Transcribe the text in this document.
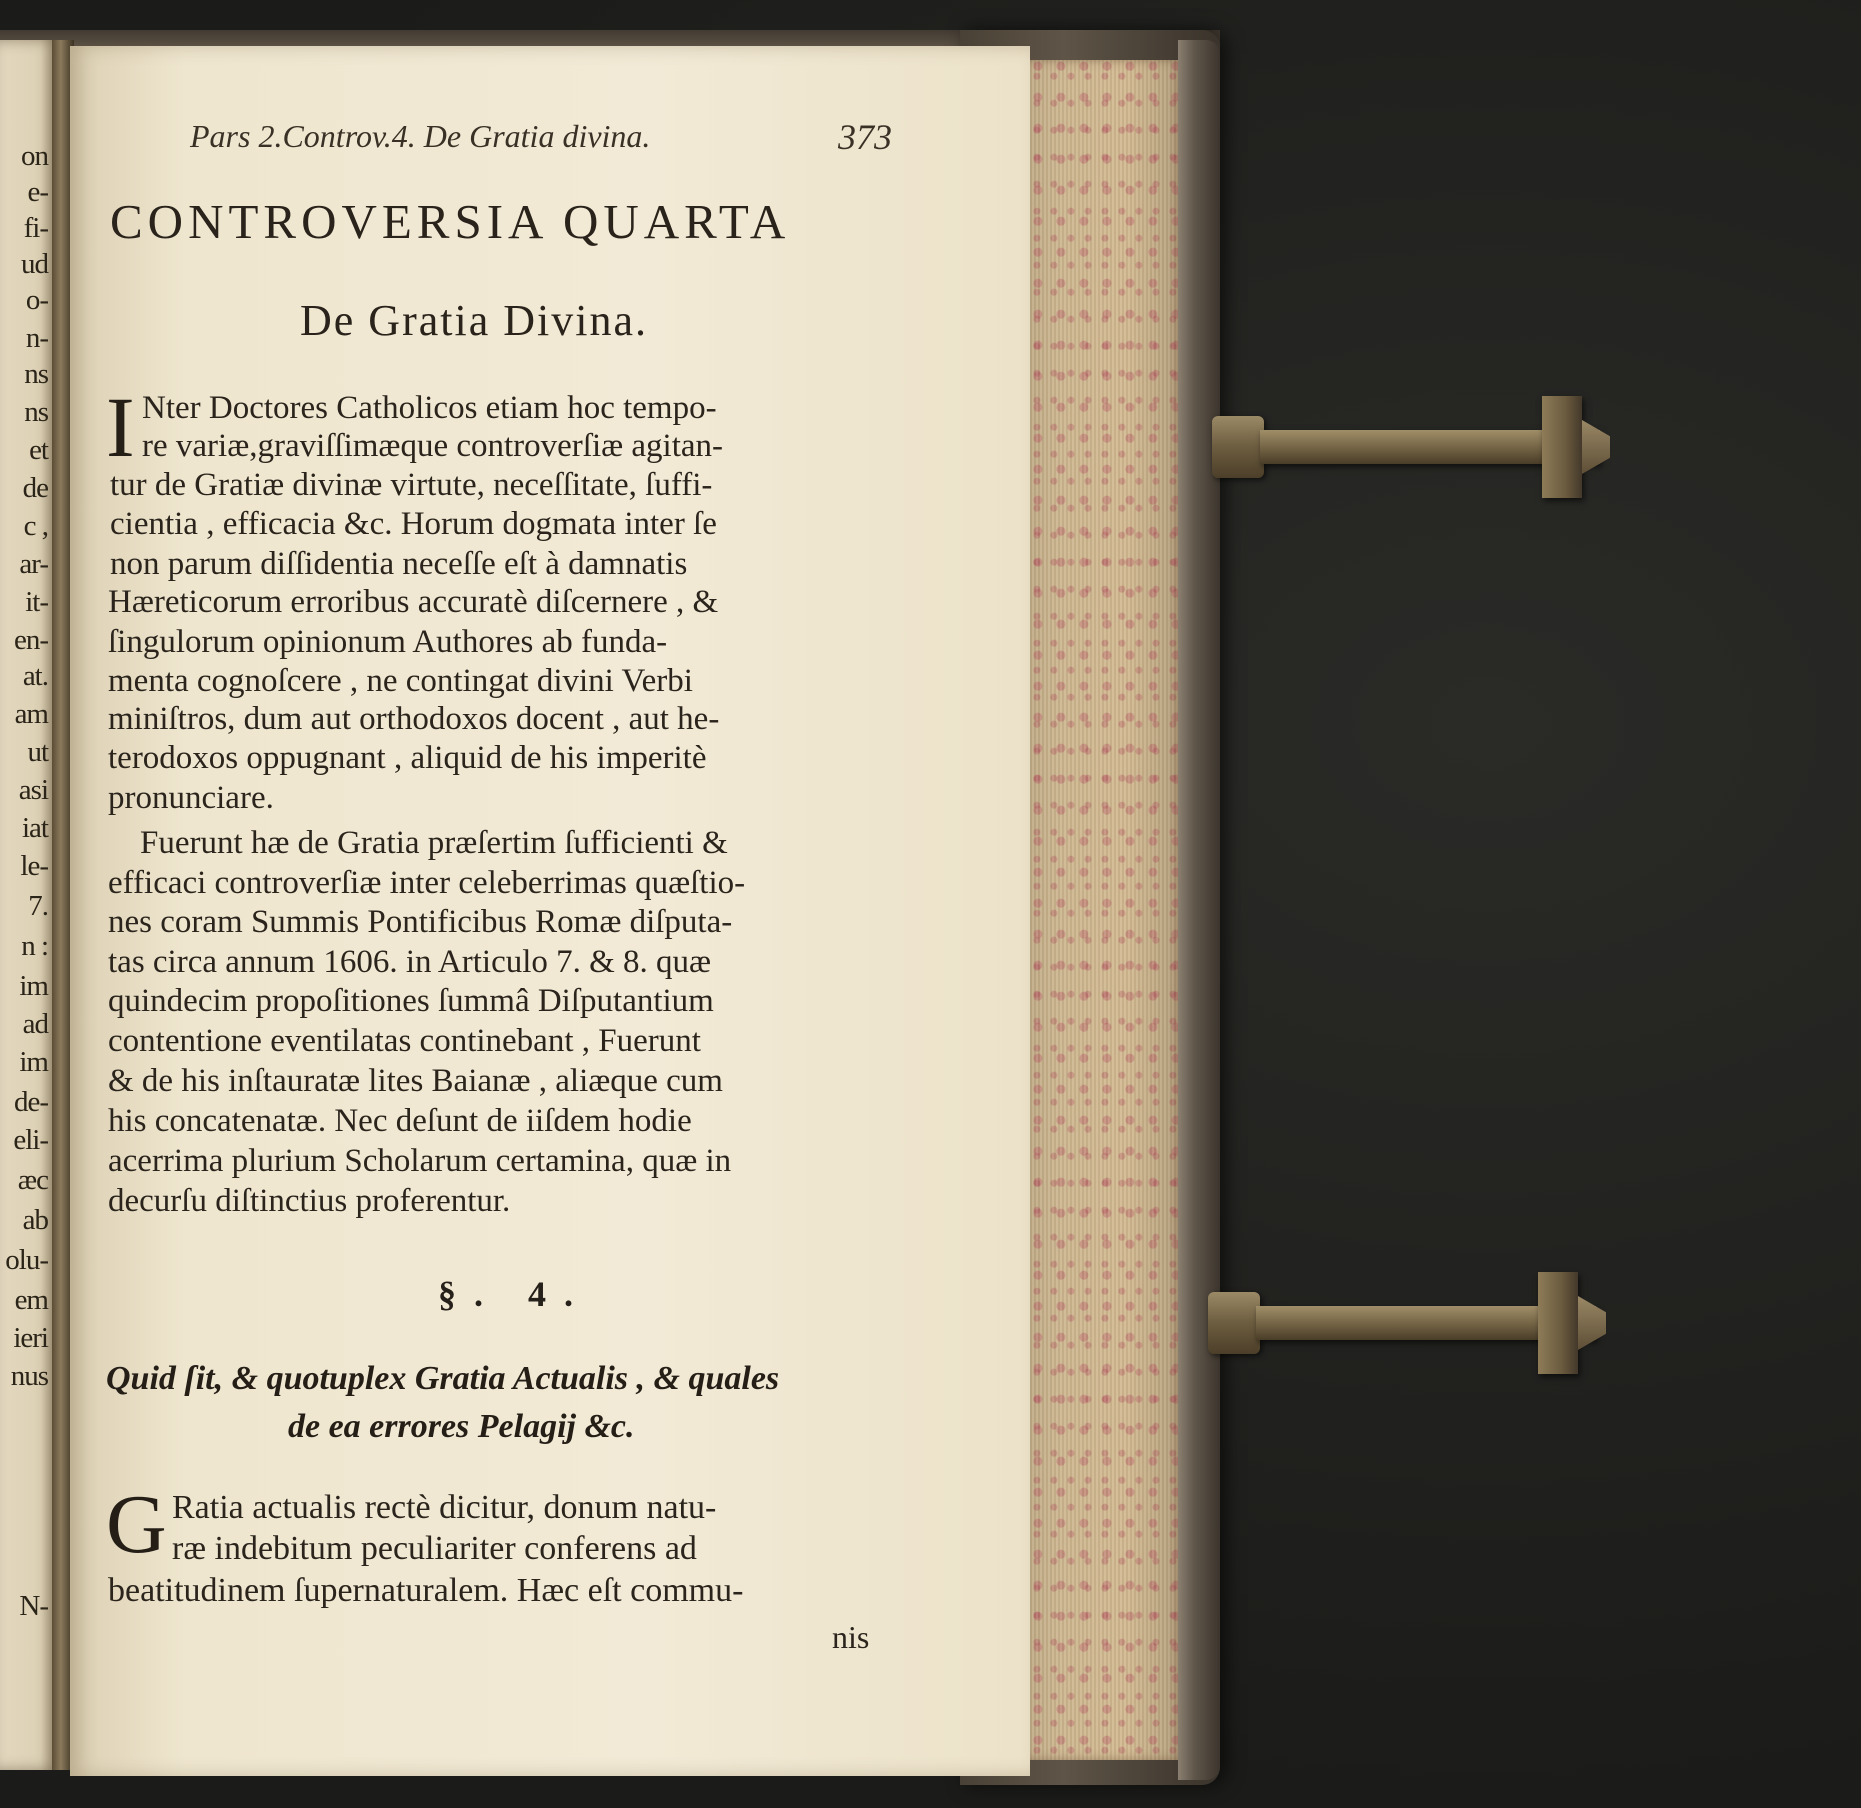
on
e-
fi-
ud
o-
n-
ns
ns
et
de
c ,
ar-
it-
en-
at.
am
ut
asi
iat
le-
7.
n :
im
ad
im
de-
eli-
æc
ab
olu-
em
ieri
nus
N-
Pars 2.Controv.4. De Gratia divina.	373
CONTROVERSIA QUARTA
De Gratia Divina.
I Nter Doctores Catholicos etiam hoc tempo-
re variæ,graviſſimæque controverſiæ agitan-
tur de Gratiæ divinæ virtute, neceſſitate, ſuffi-
cientia , efficacia &c. Horum dogmata inter ſe
non parum diſſidentia neceſſe eſt à damnatis
Hæreticorum erroribus accuratè diſcernere , &
ſingulorum opinionum Authores ab funda-
menta cognoſcere , ne contingat divini Verbi
miniſtros, dum aut orthodoxos docent , aut he-
terodoxos oppugnant , aliquid de his imperitè
pronunciare.
Fuerunt hæ de Gratia præſertim ſufficienti &
efficaci controverſiæ inter celeberrimas quæſtio-
nes coram Summis Pontificibus Romæ diſputa-
tas circa annum 1606. in Articulo 7. & 8. quæ
quindecim propoſitiones ſummâ Diſputantium
contentione eventilatas continebant , Fuerunt
& de his inſtauratæ lites Baianæ , aliæque cum
his concatenatæ. Nec deſunt de iiſdem hodie
acerrima plurium Scholarum certamina, quæ in
decurſu diſtinctius proferentur.
§. 4.
Quid ſit, & quotuplex Gratia Actualis , & quales
de ea errores Pelagij &c.
G Ratia actualis rectè dicitur, donum natu-
ræ indebitum peculiariter conferens ad
beatitudinem ſupernaturalem. Hæc eſt commu-
nis
